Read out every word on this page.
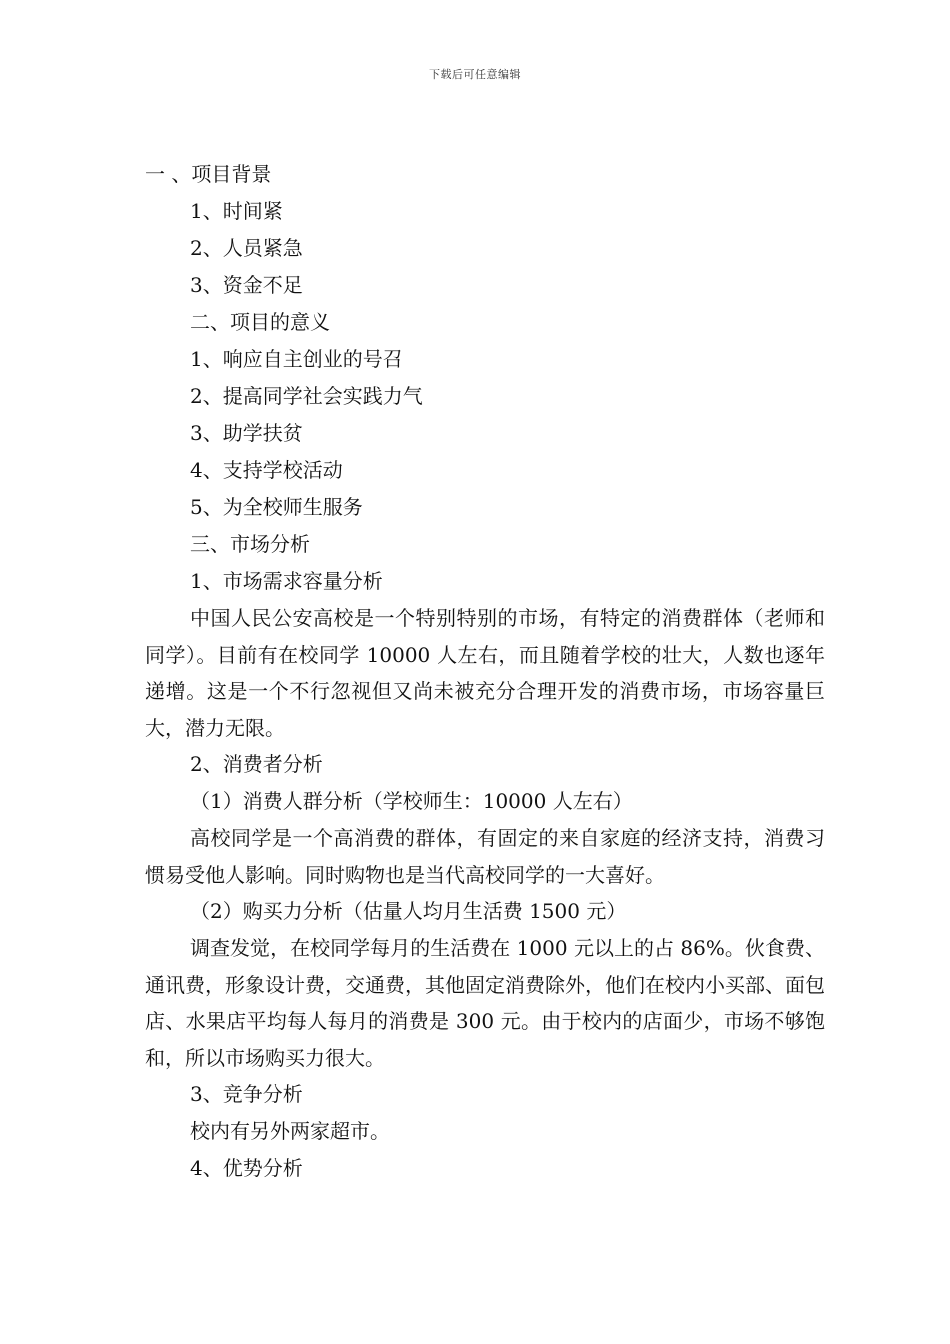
下载后可任意编辑
一 、项目背景
1、时间紧
2、人员紧急
3、资金不足
二、项目的意义
1、响应自主创业的号召
2、提高同学社会实践力气
3、助学扶贫
4、支持学校活动
5、为全校师生服务
三、市场分析
1、市场需求容量分析
中国人民公安高校是一个特别特别的市场，有特定的消费群体（老师和同学）。目前有在校同学 10000 人左右，而且随着学校的壮大，人数也逐年递增。这是一个不行忽视但又尚未被充分合理开发的消费市场，市场容量巨大，潜力无限。
2、消费者分析
（1）消费人群分析（学校师生：10000 人左右）
高校同学是一个高消费的群体，有固定的来自家庭的经济支持，消费习惯易受他人影响。同时购物也是当代高校同学的一大喜好。
（2）购买力分析（估量人均月生活费 1500 元）
调查发觉，在校同学每月的生活费在 1000 元以上的占 86%。伙食费、通讯费，形象设计费，交通费，其他固定消费除外，他们在校内小买部、面包店、水果店平均每人每月的消费是 300 元。由于校内的店面少，市场不够饱和，所以市场购买力很大。
3、竞争分析
校内有另外两家超市。
4、优势分析
